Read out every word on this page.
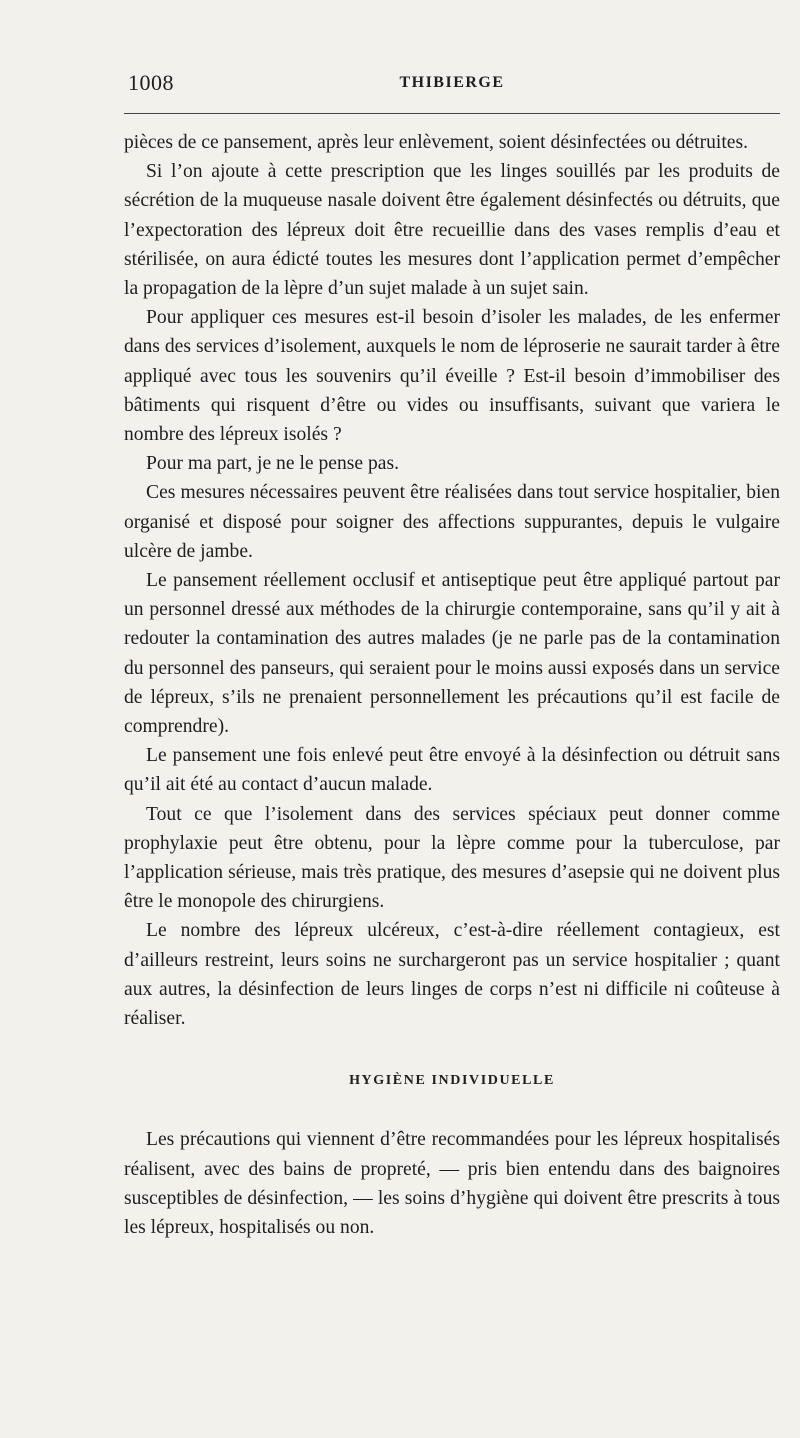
1008	THIBIERGE

pièces de ce pansement, après leur enlèvement, soient désinfectées ou détruites.

Si l’on ajoute à cette prescription que les linges souillés par les produits de sécrétion de la muqueuse nasale doivent être également désinfectés ou détruits, que l’expectoration des lépreux doit être recueillie dans des vases remplis d’eau et stérilisée, on aura édicté toutes les mesures dont l’application permet d’empêcher la propagation de la lèpre d’un sujet malade à un sujet sain.

Pour appliquer ces mesures est-il besoin d’isoler les malades, de les enfermer dans des services d’isolement, auxquels le nom de léproserie ne saurait tarder à être appliqué avec tous les souvenirs qu’il éveille ? Est-il besoin d’immobiliser des bâtiments qui risquent d’être ou vides ou insuffisants, suivant que variera le nombre des lépreux isolés ?

Pour ma part, je ne le pense pas.

Ces mesures nécessaires peuvent être réalisées dans tout service hospitalier, bien organisé et disposé pour soigner des affections suppurantes, depuis le vulgaire ulcère de jambe.

Le pansement réellement occlusif et antiseptique peut être appliqué partout par un personnel dressé aux méthodes de la chirurgie contemporaine, sans qu’il y ait à redouter la contamination des autres malades (je ne parle pas de la contamination du personnel des panseurs, qui seraient pour le moins aussi exposés dans un service de lépreux, s’ils ne prenaient personnellement les précautions qu’il est facile de comprendre).

Le pansement une fois enlevé peut être envoyé à la désinfection ou détruit sans qu’il ait été au contact d’aucun malade.

Tout ce que l’isolement dans des services spéciaux peut donner comme prophylaxie peut être obtenu, pour la lèpre comme pour la tuberculose, par l’application sérieuse, mais très pratique, des mesures d’asepsie qui ne doivent plus être le monopole des chirurgiens.

Le nombre des lépreux ulcéreux, c’est-à-dire réellement contagieux, est d’ailleurs restreint, leurs soins ne surchargeront pas un service hospitalier ; quant aux autres, la désinfection de leurs linges de corps n’est ni difficile ni coûteuse à réaliser.

HYGIÈNE INDIVIDUELLE

Les précautions qui viennent d’être recommandées pour les lépreux hospitalisés réalisent, avec des bains de propreté, — pris bien entendu dans des baignoires susceptibles de désinfection, — les soins d’hygiène qui doivent être prescrits à tous les lépreux, hospitalisés ou non.
